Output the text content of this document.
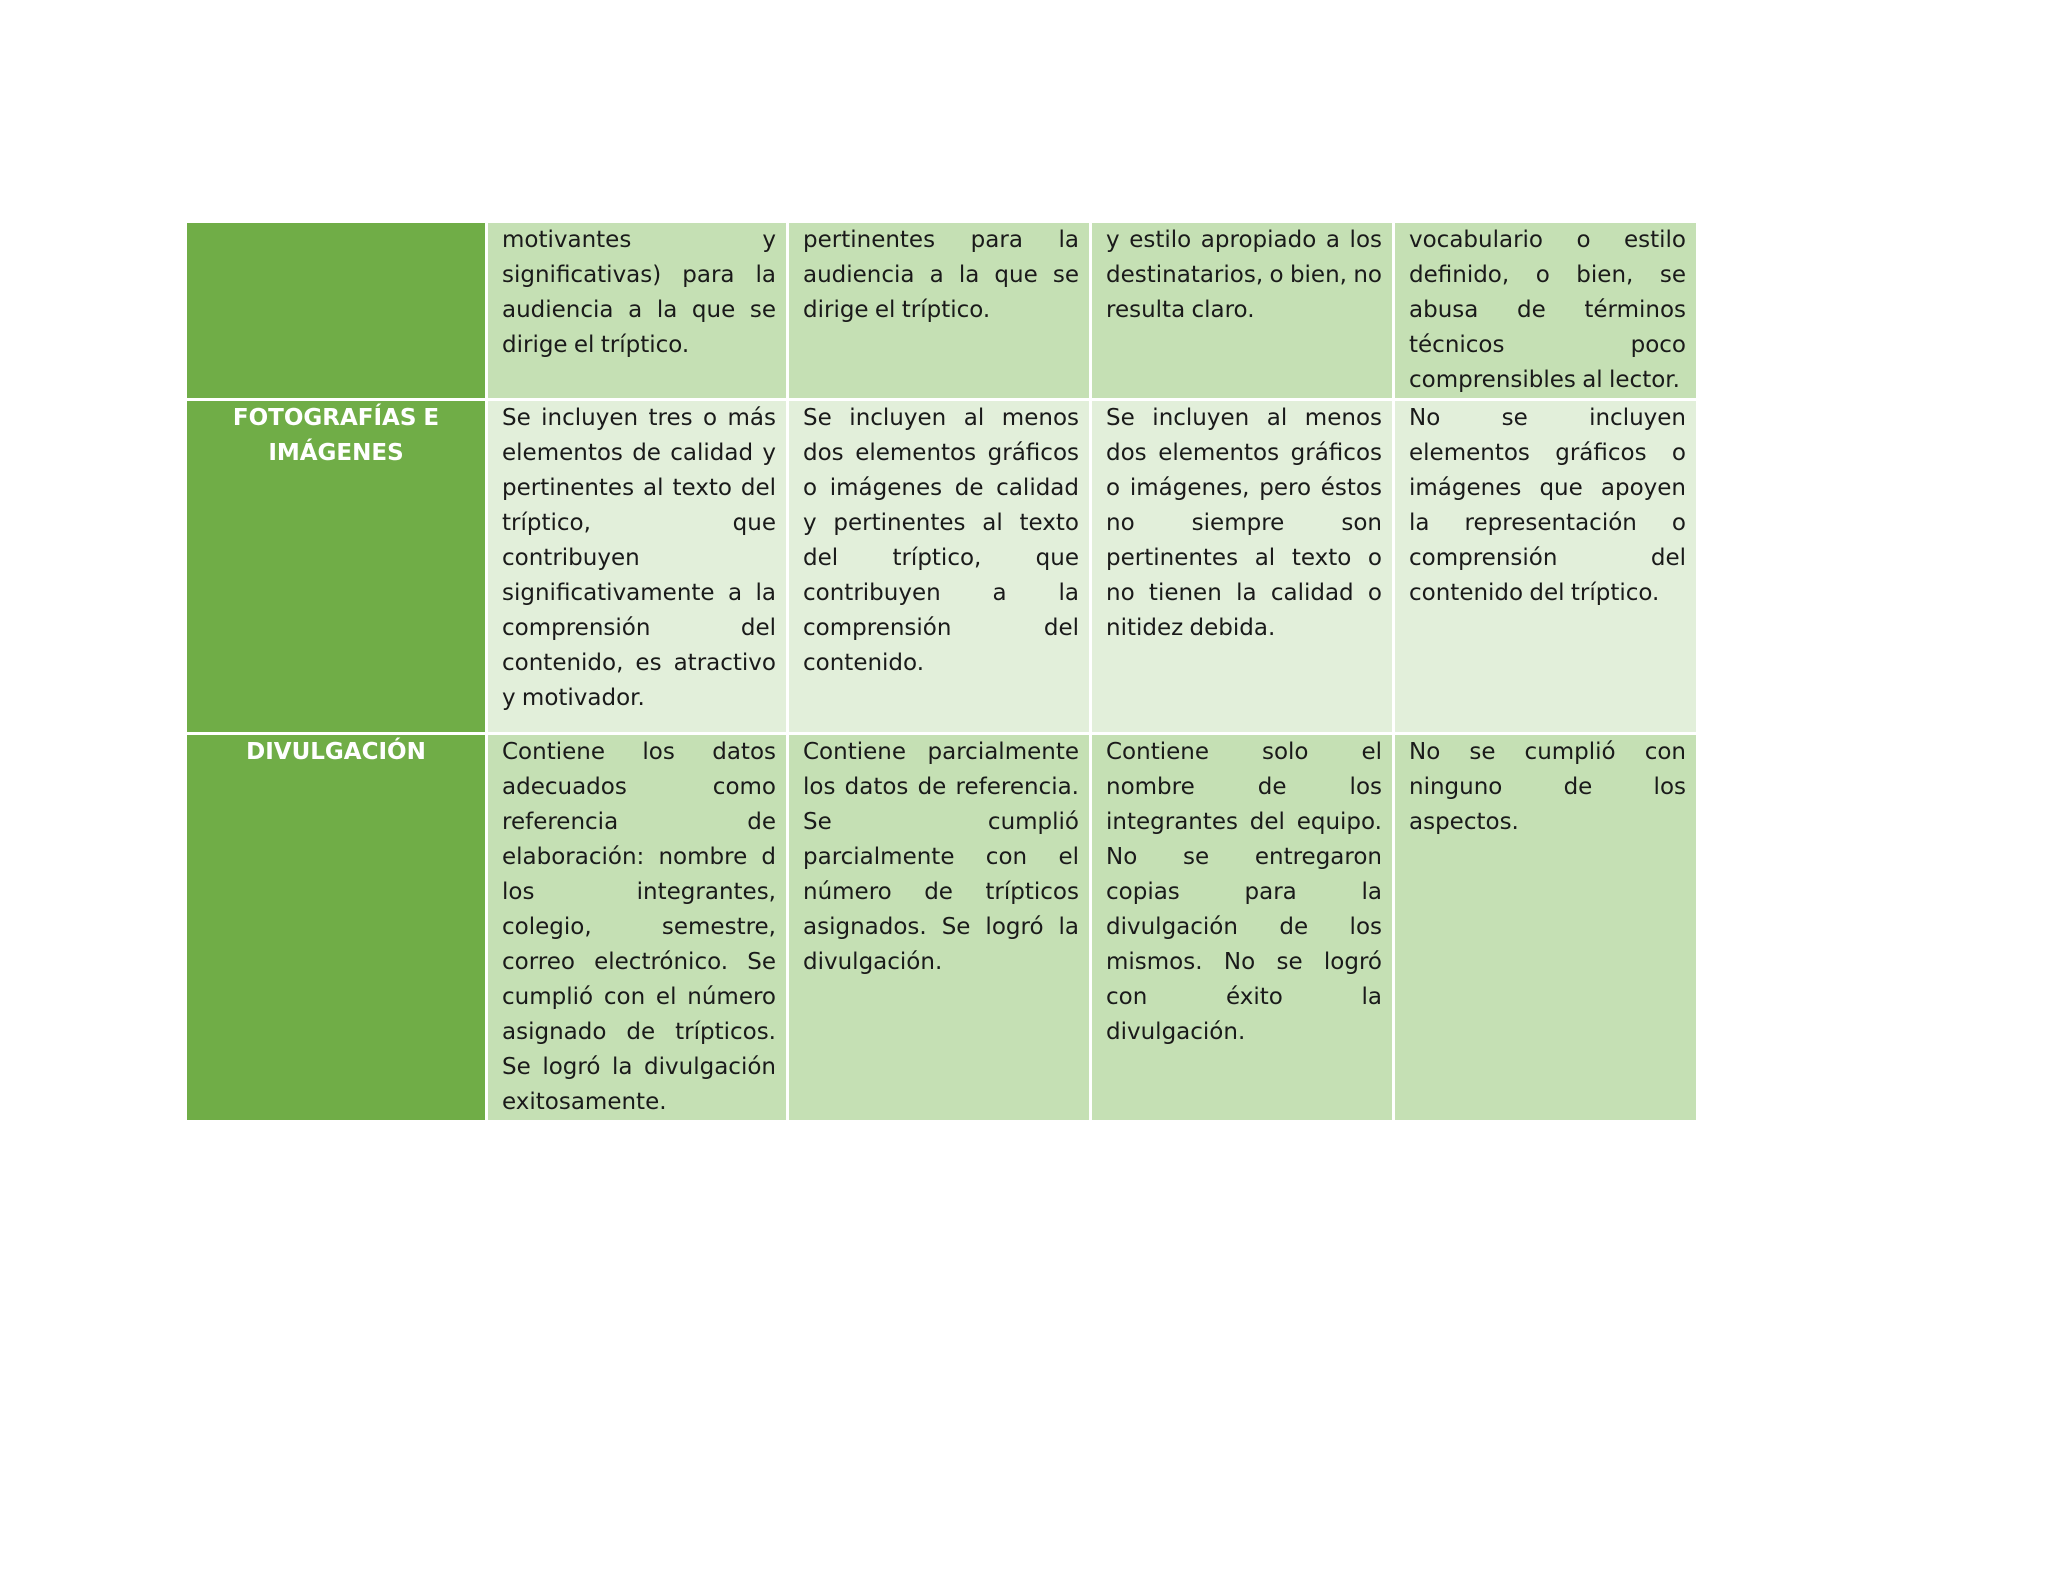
	motivantes y significativas) para la audiencia a la que se dirige el tríptico.	pertinentes para la audiencia a la que se dirige el tríptico.	y estilo apropiado a los destinatarios, o bien, no resulta claro.	vocabulario o estilo definido, o bien, se abusa de términos técnicos poco comprensibles al lector.
FOTOGRAFÍAS E IMÁGENES	Se incluyen tres o más elementos de calidad y pertinentes al texto del tríptico, que contribuyen significativamente a la comprensión del contenido, es atractivo y motivador.	Se incluyen al menos dos elementos gráficos o imágenes de calidad y pertinentes al texto del tríptico, que contribuyen a la comprensión del contenido.	Se incluyen al menos dos elementos gráficos o imágenes, pero éstos no siempre son pertinentes al texto o no tienen la calidad o nitidez debida.	No se incluyen elementos gráficos o imágenes que apoyen la representación o comprensión del contenido del tríptico.
DIVULGACIÓN	Contiene los datos adecuados como referencia de elaboración: nombre d los integrantes, colegio, semestre, correo electrónico. Se cumplió con el número asignado de trípticos. Se logró la divulgación exitosamente.	Contiene parcialmente los datos de referencia. Se cumplió parcialmente con el número de trípticos asignados. Se logró la divulgación.	Contiene solo el nombre de los integrantes del equipo. No se entregaron copias para la divulgación de los mismos. No se logró con éxito la divulgación.	No se cumplió con ninguno de los aspectos.
